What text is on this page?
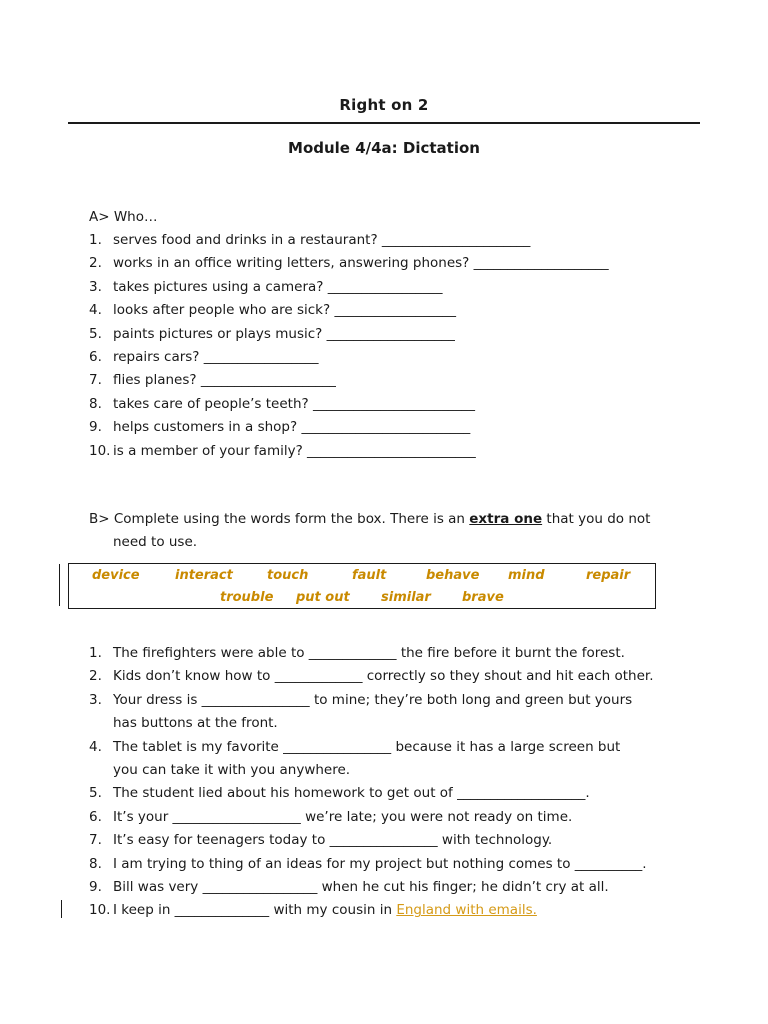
Right on 2
Module 4/4a: Dictation
A> Who…
1. serves food and drinks in a restaurant? ______________________
2. works in an office writing letters, answering phones? ____________________
3. takes pictures using a camera? _________________
4. looks after people who are sick? __________________
5. paints pictures or plays music? ___________________
6. repairs cars? _________________
7. flies planes? ____________________
8. takes care of people’s teeth? ________________________
9. helps customers in a shop? _________________________
10. is a member of your family? _________________________
B> Complete using the words form the box. There is an extra one that you do not
need to use.
device	interact	touch	fault	behave mind	repair
trouble put out similar brave
1. The firefighters were able to _____________ the fire before it burnt the forest.
2. Kids don’t know how to _____________ correctly so they shout and hit each other.
3. Your dress is ________________ to mine; they’re both long and green but yours
has buttons at the front.
4. The tablet is my favorite ________________ because it has a large screen but
you can take it with you anywhere.
5. The student lied about his homework to get out of ___________________.
6. It’s your ___________________ we’re late; you were not ready on time.
7. It’s easy for teenagers today to ________________ with technology.
8. I am trying to thing of an ideas for my project but nothing comes to __________.
9. Bill was very _________________ when he cut his finger; he didn’t cry at all.
10. I keep in ______________ with my cousin in England with emails.
